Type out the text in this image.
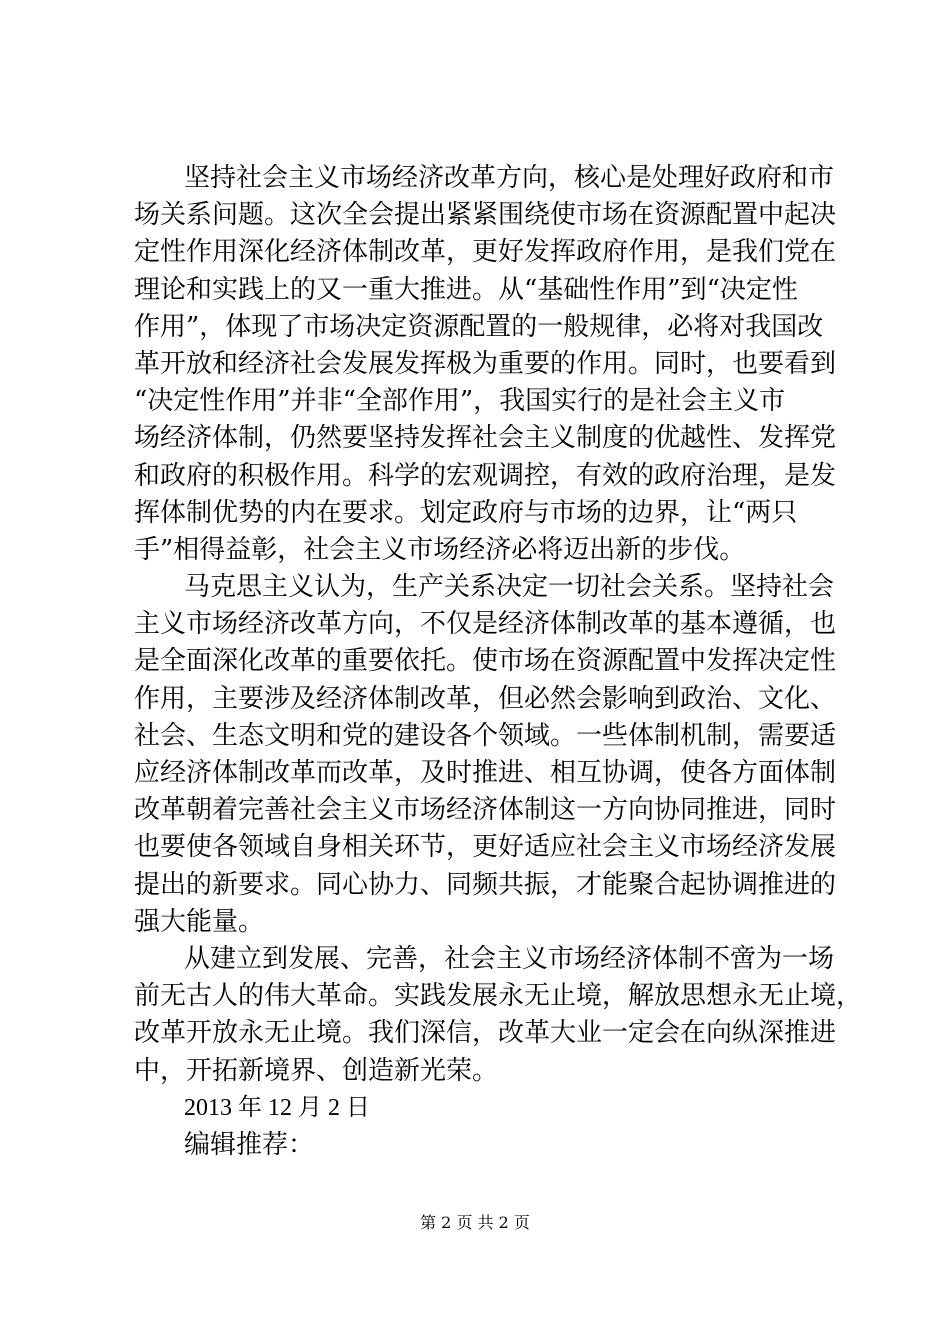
坚持社会主义市场经济改革方向，核心是处理好政府和市
场关系问题。这次全会提出紧紧围绕使市场在资源配置中起决
定性作用深化经济体制改革，更好发挥政府作用，是我们党在
理论和实践上的又一重大推进。从“基础性作用”到“决定性
作用”，体现了市场决定资源配置的一般规律，必将对我国改
革开放和经济社会发展发挥极为重要的作用。同时，也要看到
“决定性作用”并非“全部作用”，我国实行的是社会主义市
场经济体制，仍然要坚持发挥社会主义制度的优越性、发挥党
和政府的积极作用。科学的宏观调控，有效的政府治理，是发
挥体制优势的内在要求。划定政府与市场的边界，让“两只
手”相得益彰，社会主义市场经济必将迈出新的步伐。
马克思主义认为，生产关系决定一切社会关系。坚持社会
主义市场经济改革方向，不仅是经济体制改革的基本遵循，也
是全面深化改革的重要依托。使市场在资源配置中发挥决定性
作用，主要涉及经济体制改革，但必然会影响到政治、文化、
社会、生态文明和党的建设各个领域。一些体制机制，需要适
应经济体制改革而改革，及时推进、相互协调，使各方面体制
改革朝着完善社会主义市场经济体制这一方向协同推进，同时
也要使各领域自身相关环节，更好适应社会主义市场经济发展
提出的新要求。同心协力、同频共振，才能聚合起协调推进的
强大能量。
从建立到发展、完善，社会主义市场经济体制不啻为一场
前无古人的伟大革命。实践发展永无止境，解放思想永无止境，
改革开放永无止境。我们深信，改革大业一定会在向纵深推进
中，开拓新境界、创造新光荣。
2013 年 12 月 2 日
编辑推荐：
第 2 页 共 2 页
